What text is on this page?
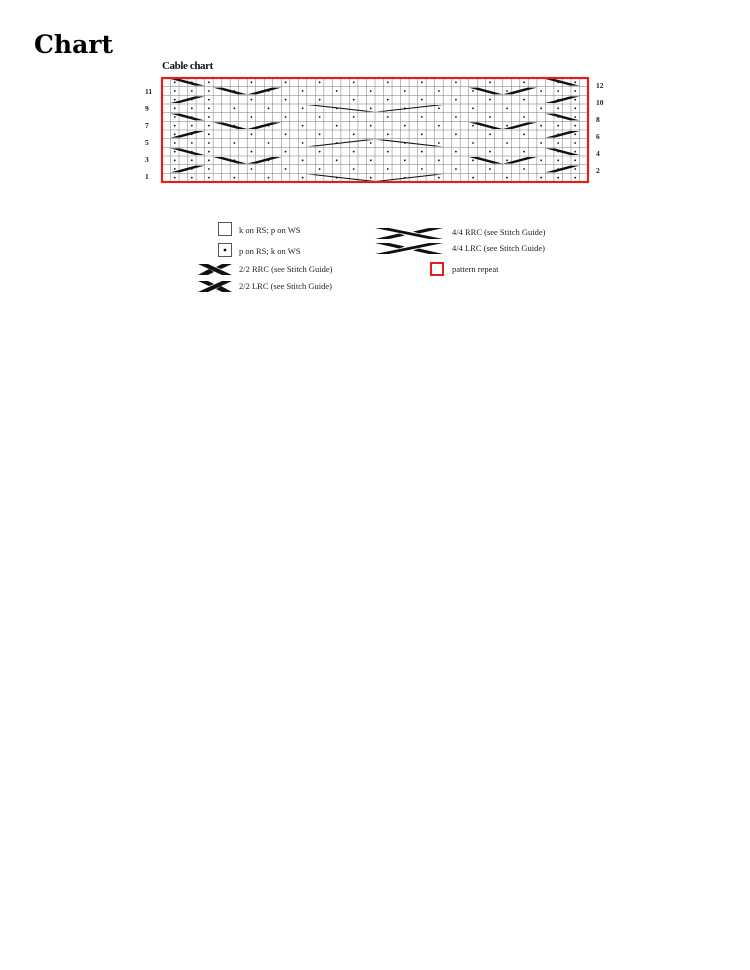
Chart
Cable chart
11
9
7
5
3
1
12
10
8
6
4
2
k on RS; p on WS
p on RS; k on WS
2/2 RRC (see Stitch Guide)
2/2 LRC (see Stitch Guide)
4/4 RRC (see Stitch Guide)
4/4 LRC (see Stitch Guide)
pattern repeat
